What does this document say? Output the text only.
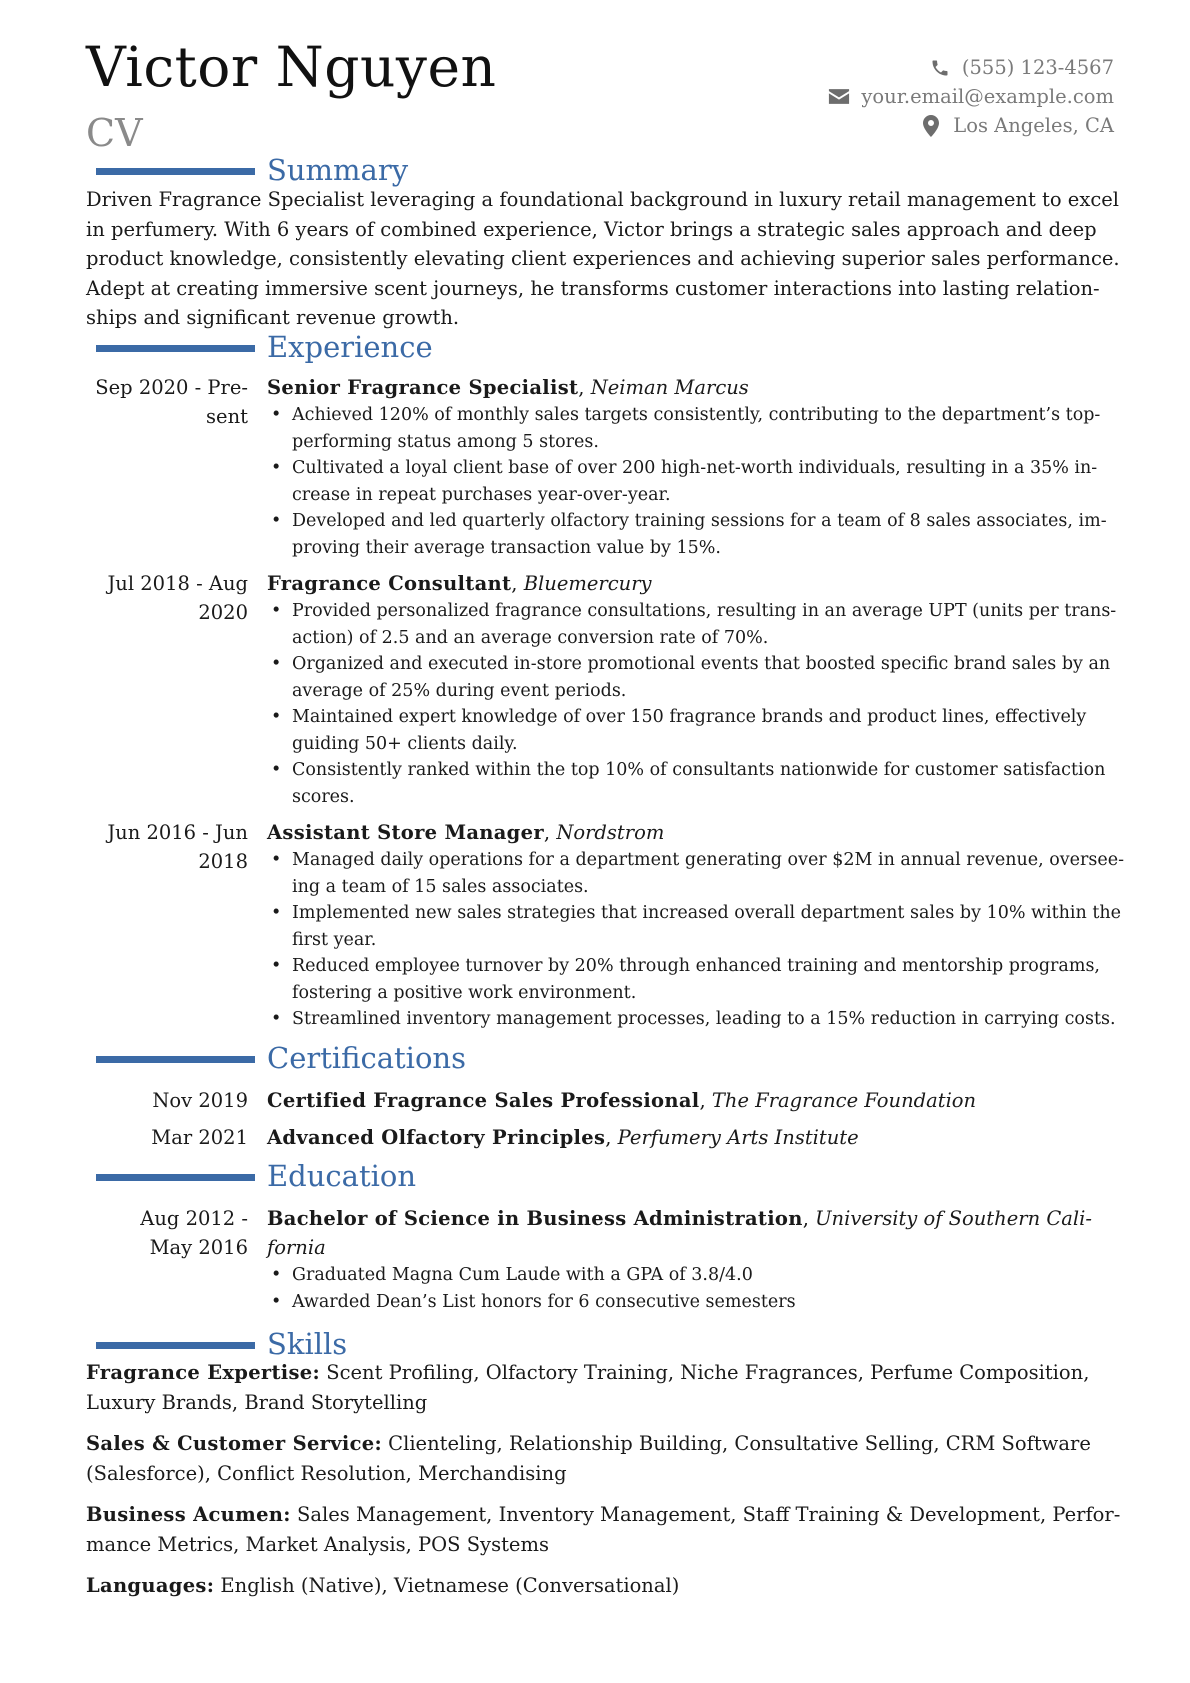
Victor Nguyen
CV
(555) 123-4567
your.email@example.com
Los Angeles, CA
Summary
Driven Fragrance Specialist leveraging a foundational background in luxury retail management to excel
in perfumery. With 6 years of combined experience, Victor brings a strategic sales approach and deep
product knowledge, consistently elevating client experiences and achieving superior sales performance.
Adept at creating immersive scent journeys, he transforms customer interactions into lasting relation-
ships and significant revenue growth.
Experience
Sep 2020 - Pre-
sent
Senior Fragrance Specialist, Neiman Marcus
• Achieved 120% of monthly sales targets consistently, contributing to the department’s top-
performing status among 5 stores.
• Cultivated a loyal client base of over 200 high-net-worth individuals, resulting in a 35% in-
crease in repeat purchases year-over-year.
• Developed and led quarterly olfactory training sessions for a team of 8 sales associates, im-
proving their average transaction value by 15%.
Jul 2018 - Aug
2020
Fragrance Consultant, Bluemercury
• Provided personalized fragrance consultations, resulting in an average UPT (units per trans-
action) of 2.5 and an average conversion rate of 70%.
• Organized and executed in-store promotional events that boosted specific brand sales by an
average of 25% during event periods.
• Maintained expert knowledge of over 150 fragrance brands and product lines, effectively
guiding 50+ clients daily.
• Consistently ranked within the top 10% of consultants nationwide for customer satisfaction
scores.
Jun 2016 - Jun
2018
Assistant Store Manager, Nordstrom
• Managed daily operations for a department generating over $2M in annual revenue, oversee-
ing a team of 15 sales associates.
• Implemented new sales strategies that increased overall department sales by 10% within the
first year.
• Reduced employee turnover by 20% through enhanced training and mentorship programs,
fostering a positive work environment.
• Streamlined inventory management processes, leading to a 15% reduction in carrying costs.
Certifications
Nov 2019 Certified Fragrance Sales Professional, The Fragrance Foundation
Mar 2021 Advanced Olfactory Principles, Perfumery Arts Institute
Education
Aug 2012 -
May 2016
Bachelor of Science in Business Administration, University of Southern Cali-
fornia
• Graduated Magna Cum Laude with a GPA of 3.8/4.0
• Awarded Dean’s List honors for 6 consecutive semesters
Skills
Fragrance Expertise: Scent Profiling, Olfactory Training, Niche Fragrances, Perfume Composition,
Luxury Brands, Brand Storytelling
Sales & Customer Service: Clienteling, Relationship Building, Consultative Selling, CRM Software
(Salesforce), Conflict Resolution, Merchandising
Business Acumen: Sales Management, Inventory Management, Staff Training & Development, Perfor-
mance Metrics, Market Analysis, POS Systems
Languages: English (Native), Vietnamese (Conversational)
